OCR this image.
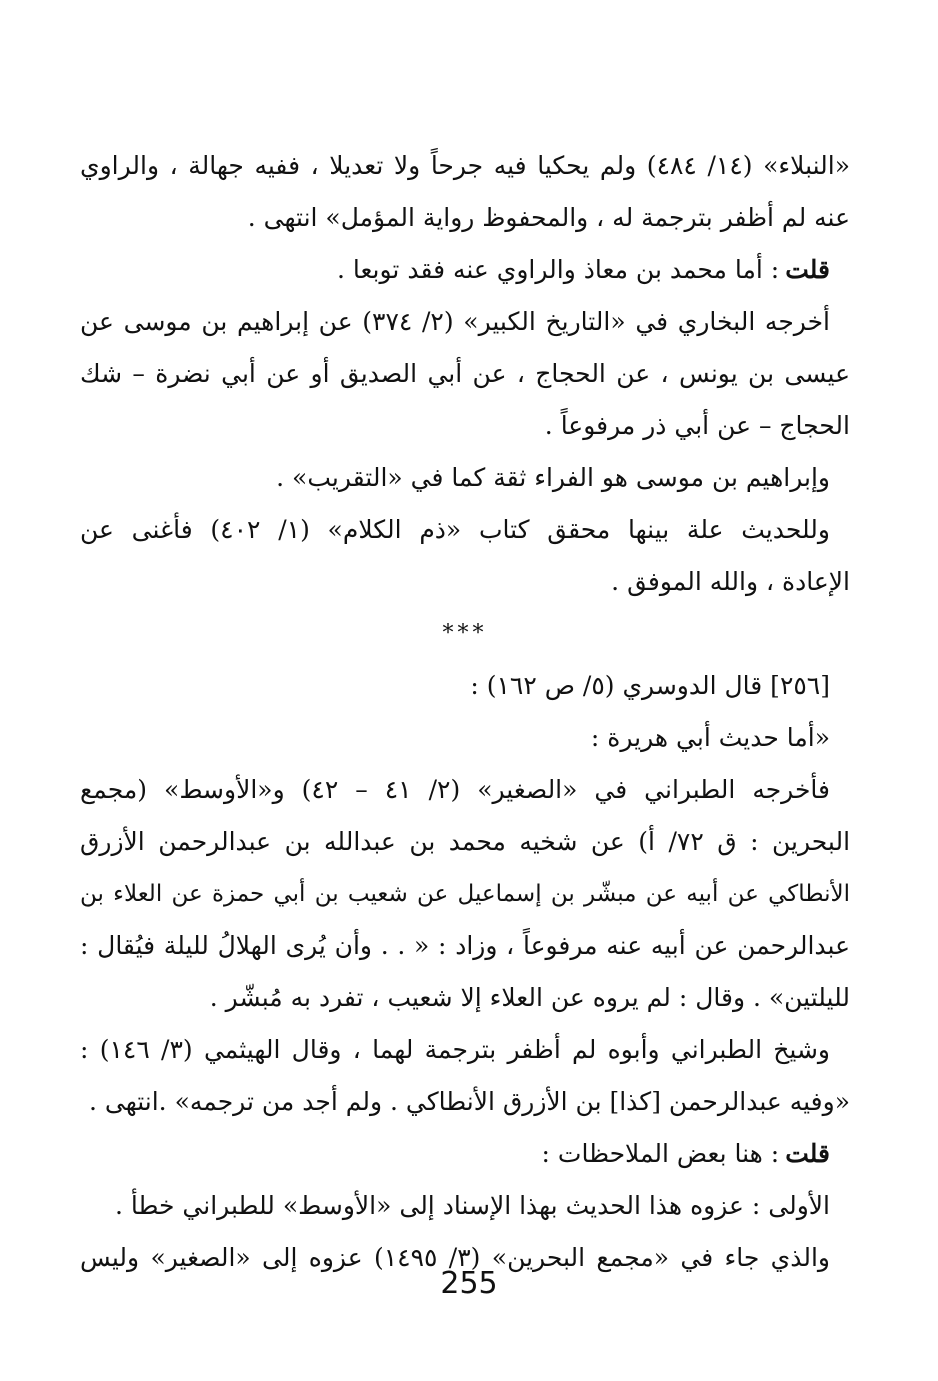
«النبلاء» (١٤/ ٤٨٤) ولم يحكيا فيه جرحاً ولا تعديلا ، ففيه جهالة ، والراوي
عنه لم أظفر بترجمة له ، والمحفوظ رواية المؤمل» انتهى .
قلت: أما محمد بن معاذ والراوي عنه فقد توبعا .
أخرجه البخاري في «التاريخ الكبير» (٢/ ٣٧٤) عن إبراهيم بن موسى عن
عيسى بن يونس ، عن الحجاج ، عن أبي الصديق أو عن أبي نضرة – شك
الحجاج – عن أبي ذر مرفوعاً .
وإبراهيم بن موسى هو الفراء ثقة كما في «التقريب» .
وللحديث علة بينها محقق كتاب «ذم الكلام» (١/ ٤٠٢) فأغنى عن
الإعادة ، والله الموفق .
***
[٢٥٦] قال الدوسري (٥/ ص ١٦٢) :
«أما حديث أبي هريرة :
فأخرجه الطبراني في «الصغير» (٢/ ٤١ – ٤٢) و«الأوسط» (مجمع
البحرين : ق ٧٢/ أ) عن شخيه محمد بن عبدالله بن عبدالرحمن الأزرق
الأنطاكي عن أبيه عن مبشّر بن إسماعيل عن شعيب بن أبي حمزة عن العلاء بن
عبدالرحمن عن أبيه عنه مرفوعاً ، وزاد : « . . وأن يُرى الهلالُ لليلة فيُقال :
لليلتين» . وقال : لم يروه عن العلاء إلا شعيب ، تفرد به مُبشّر .
وشيخ الطبراني وأبوه لم أظفر بترجمة لهما ، وقال الهيثمي (٣/ ١٤٦) :
«وفيه عبدالرحمن [كذا] بن الأزرق الأنطاكي . ولم أجد من ترجمه» .انتهى .
قلت: هنا بعض الملاحظات :
الأولى : عزوه هذا الحديث بهذا الإسناد إلى «الأوسط» للطبراني خطأ .
والذي جاء في «مجمع البحرين» (٣/ ١٤٩٥) عزوه إلى «الصغير» وليس
255
